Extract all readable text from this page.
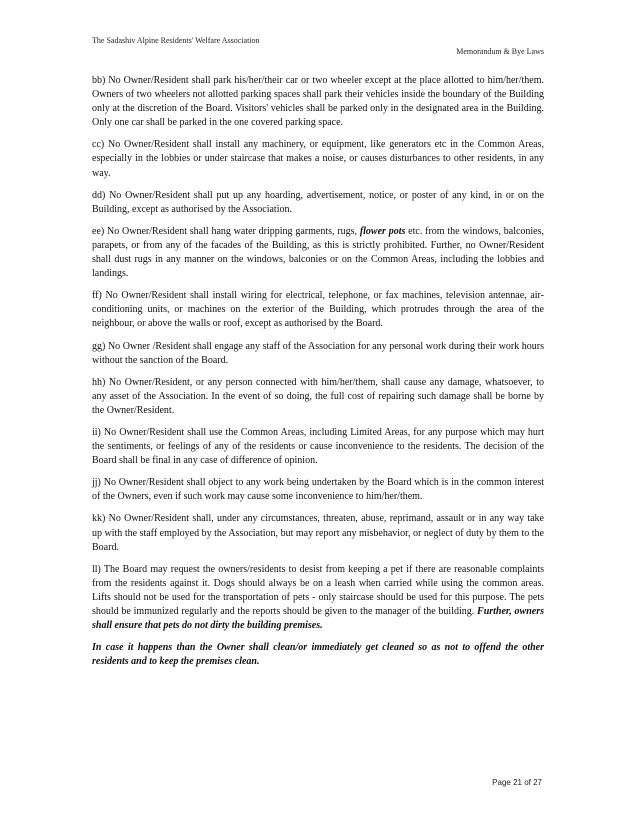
The Sadashiv Alpine Residents' Welfare Association
Memorandum & Bye Laws

bb) No Owner/Resident shall park his/her/their car or two wheeler except at the place allotted to him/her/them. Owners of two wheelers not allotted parking spaces shall park their vehicles inside the boundary of the Building only at the discretion of the Board. Visitors' vehicles shall be parked only in the designated area in the Building. Only one car shall be parked in the one covered parking space.

cc) No Owner/Resident shall install any machinery, or equipment, like generators etc in the Common Areas, especially in the lobbies or under staircase that makes a noise, or causes disturbances to other residents, in any way.

dd) No Owner/Resident shall put up any hoarding, advertisement, notice, or poster of any kind, in or on the Building, except as authorised by the Association.

ee) No Owner/Resident shall hang water dripping garments, rugs, flower pots etc. from the windows, balconies, parapets, or from any of the facades of the Building, as this is strictly prohibited. Further, no Owner/Resident shall dust rugs in any manner on the windows, balconies or on the Common Areas, including the lobbies and landings.

ff) No Owner/Resident shall install wiring for electrical, telephone, or fax machines, television antennae, air-conditioning units, or machines on the exterior of the Building, which protrudes through the area of the neighbour, or above the walls or roof, except as authorised by the Board.

gg) No Owner /Resident shall engage any staff of the Association for any personal work during their work hours without the sanction of the Board.

hh) No Owner/Resident, or any person connected with him/her/them, shall cause any damage, whatsoever, to any asset of the Association. In the event of so doing, the full cost of repairing such damage shall be borne by the Owner/Resident.

ii) No Owner/Resident shall use the Common Areas, including Limited Areas, for any purpose which may hurt the sentiments, or feelings of any of the residents or cause inconvenience to the residents. The decision of the Board shall be final in any case of difference of opinion.

jj) No Owner/Resident shall object to any work being undertaken by the Board which is in the common interest of the Owners, even if such work may cause some inconvenience to him/her/them.

kk) No Owner/Resident shall, under any circumstances, threaten, abuse, reprimand, assault or in any way take up with the staff employed by the Association, but may report any misbehavior, or neglect of duty by them to the Board.

ll) The Board may request the owners/residents to desist from keeping a pet if there are reasonable complaints from the residents against it. Dogs should always be on a leash when carried while using the common areas. Lifts should not be used for the transportation of pets - only staircase should be used for this purpose. The pets should be immunized regularly and the reports should be given to the manager of the building. Further, owners shall ensure that pets do not dirty the building premises.

In case it happens than the Owner shall clean/or immediately get cleaned so as not to offend the other residents and to keep the premises clean.

Page 21 of 27
